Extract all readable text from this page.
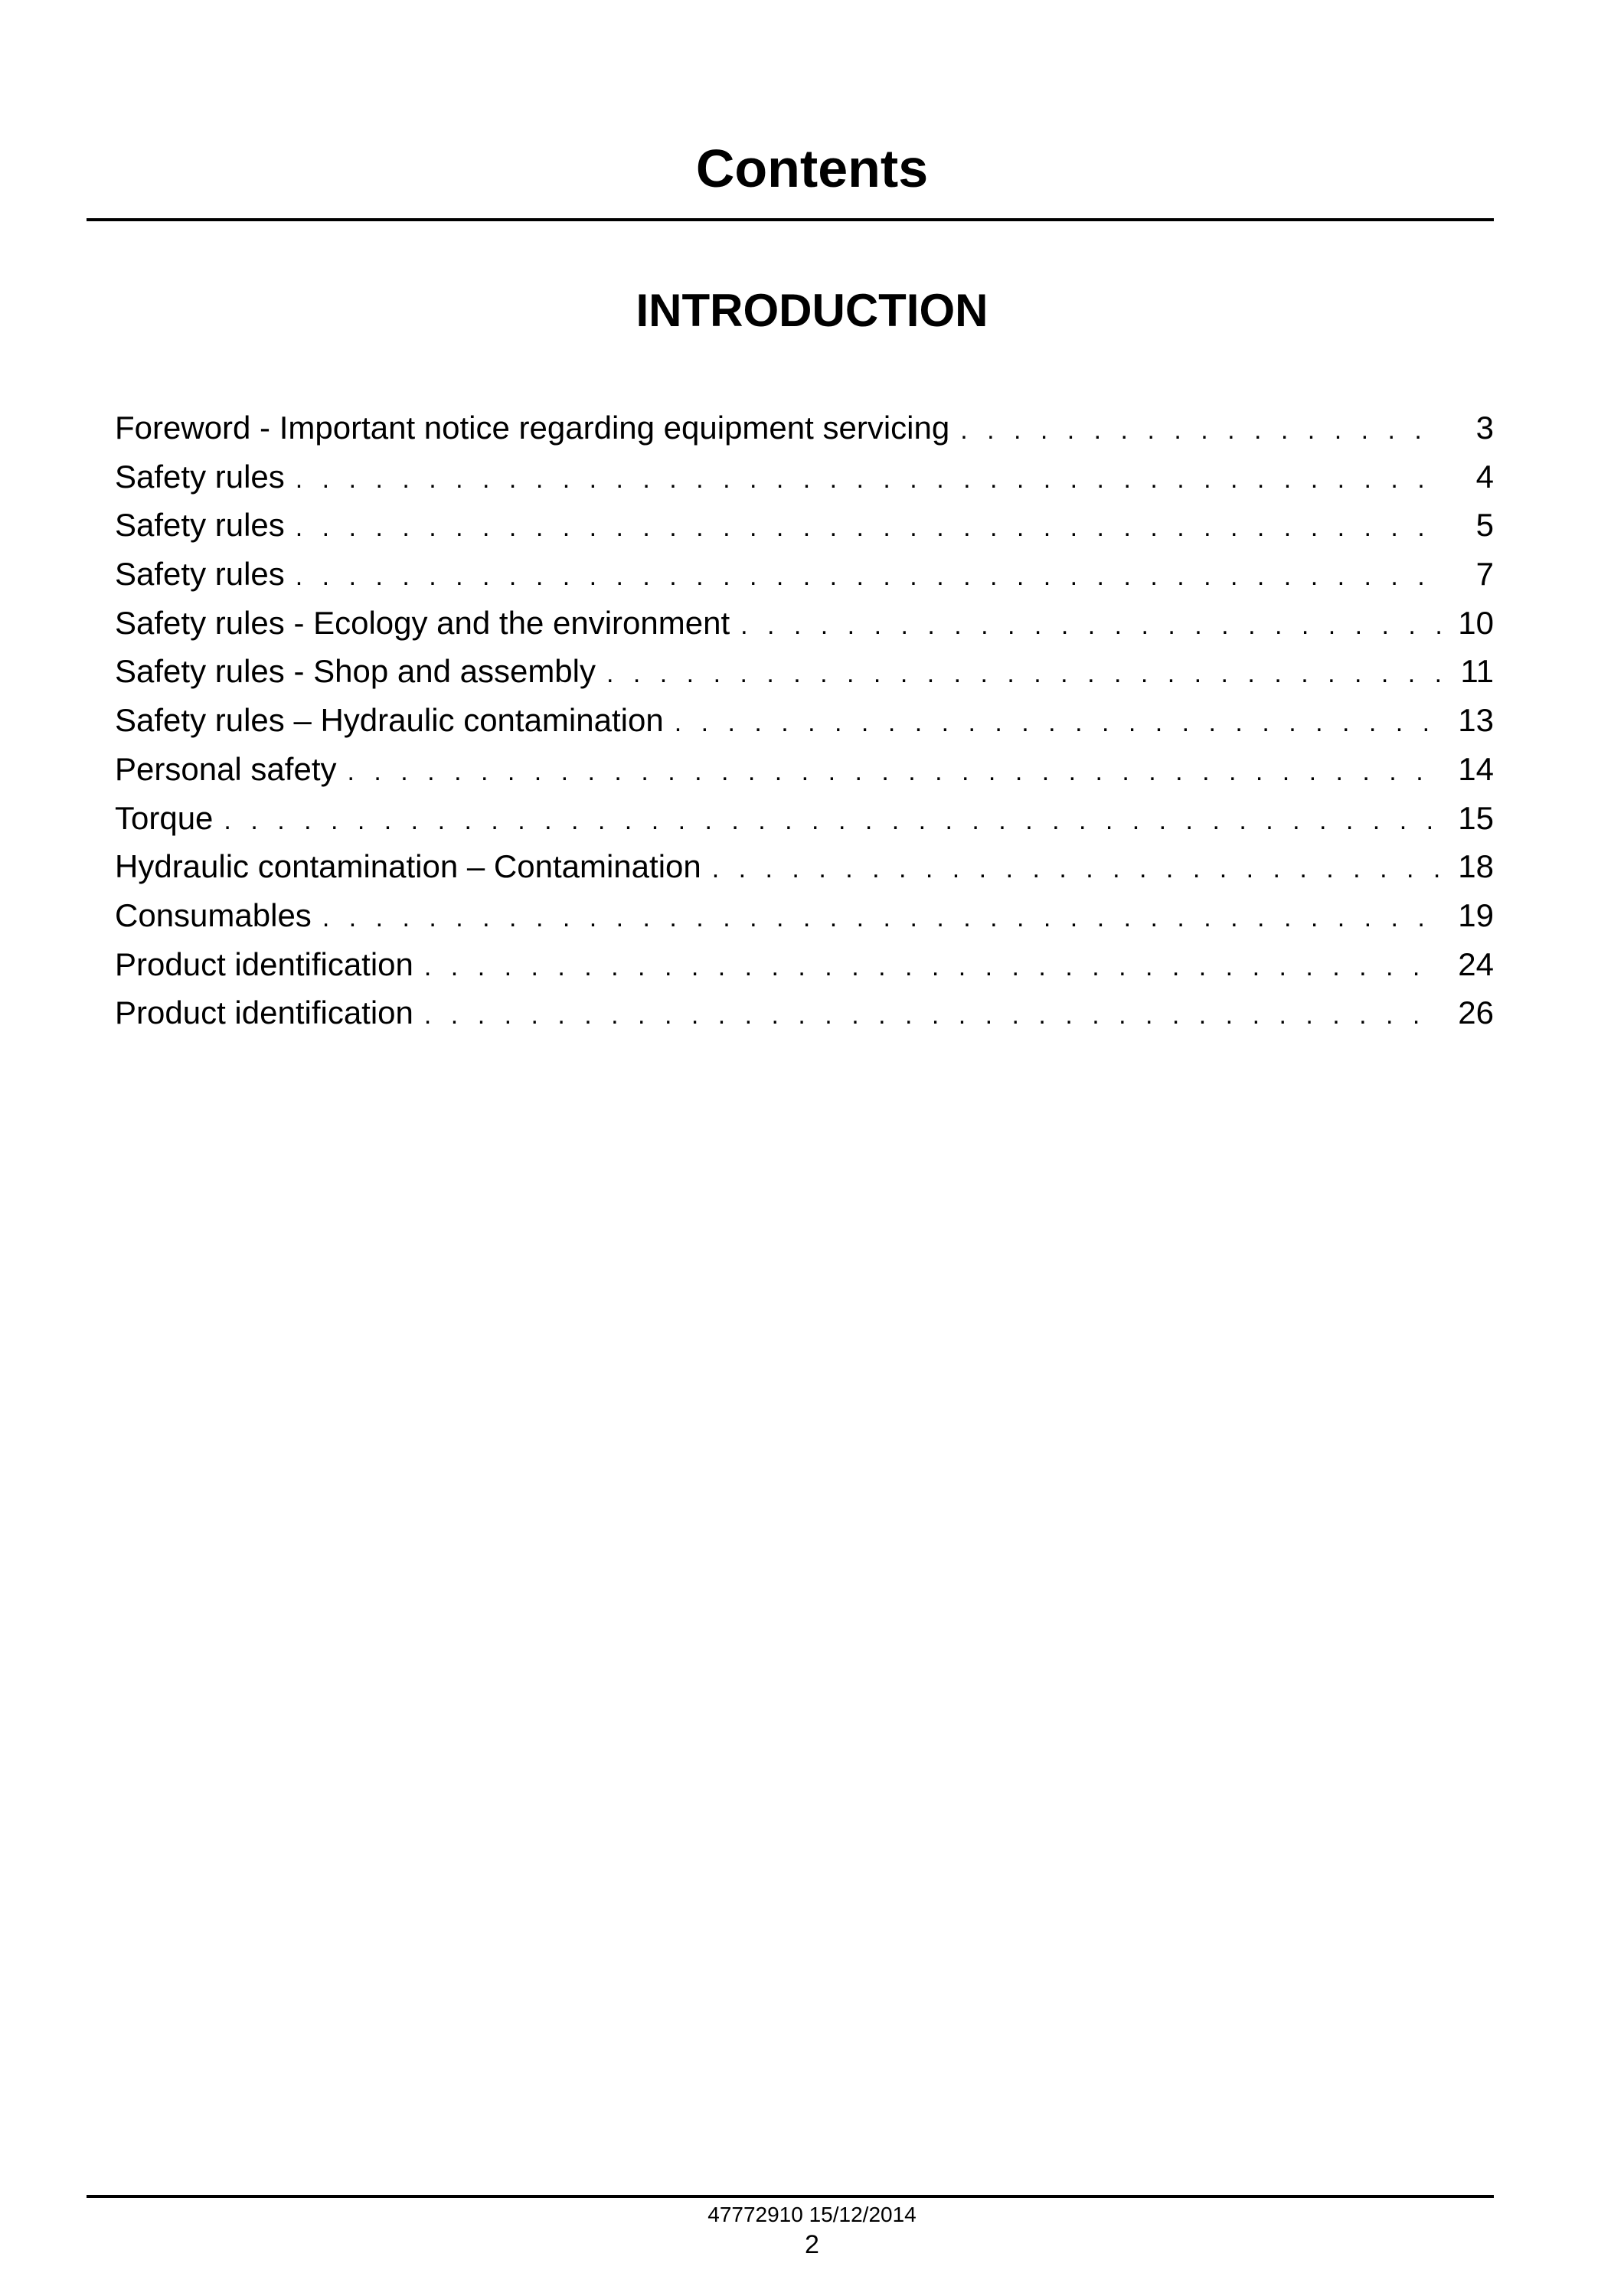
Contents
INTRODUCTION
Foreword - Important notice regarding equipment servicing . . .	3
Safety rules . . .	4
Safety rules . . .	5
Safety rules . . .	7
Safety rules - Ecology and the environment . . .	10
Safety rules - Shop and assembly . . .	11
Safety rules – Hydraulic contamination . . .	13
Personal safety . . .	14
Torque . . .	15
Hydraulic contamination – Contamination . . .	18
Consumables . . .	19
Product identification . . .	24
Product identification . . .	26
47772910 15/12/2014
2
